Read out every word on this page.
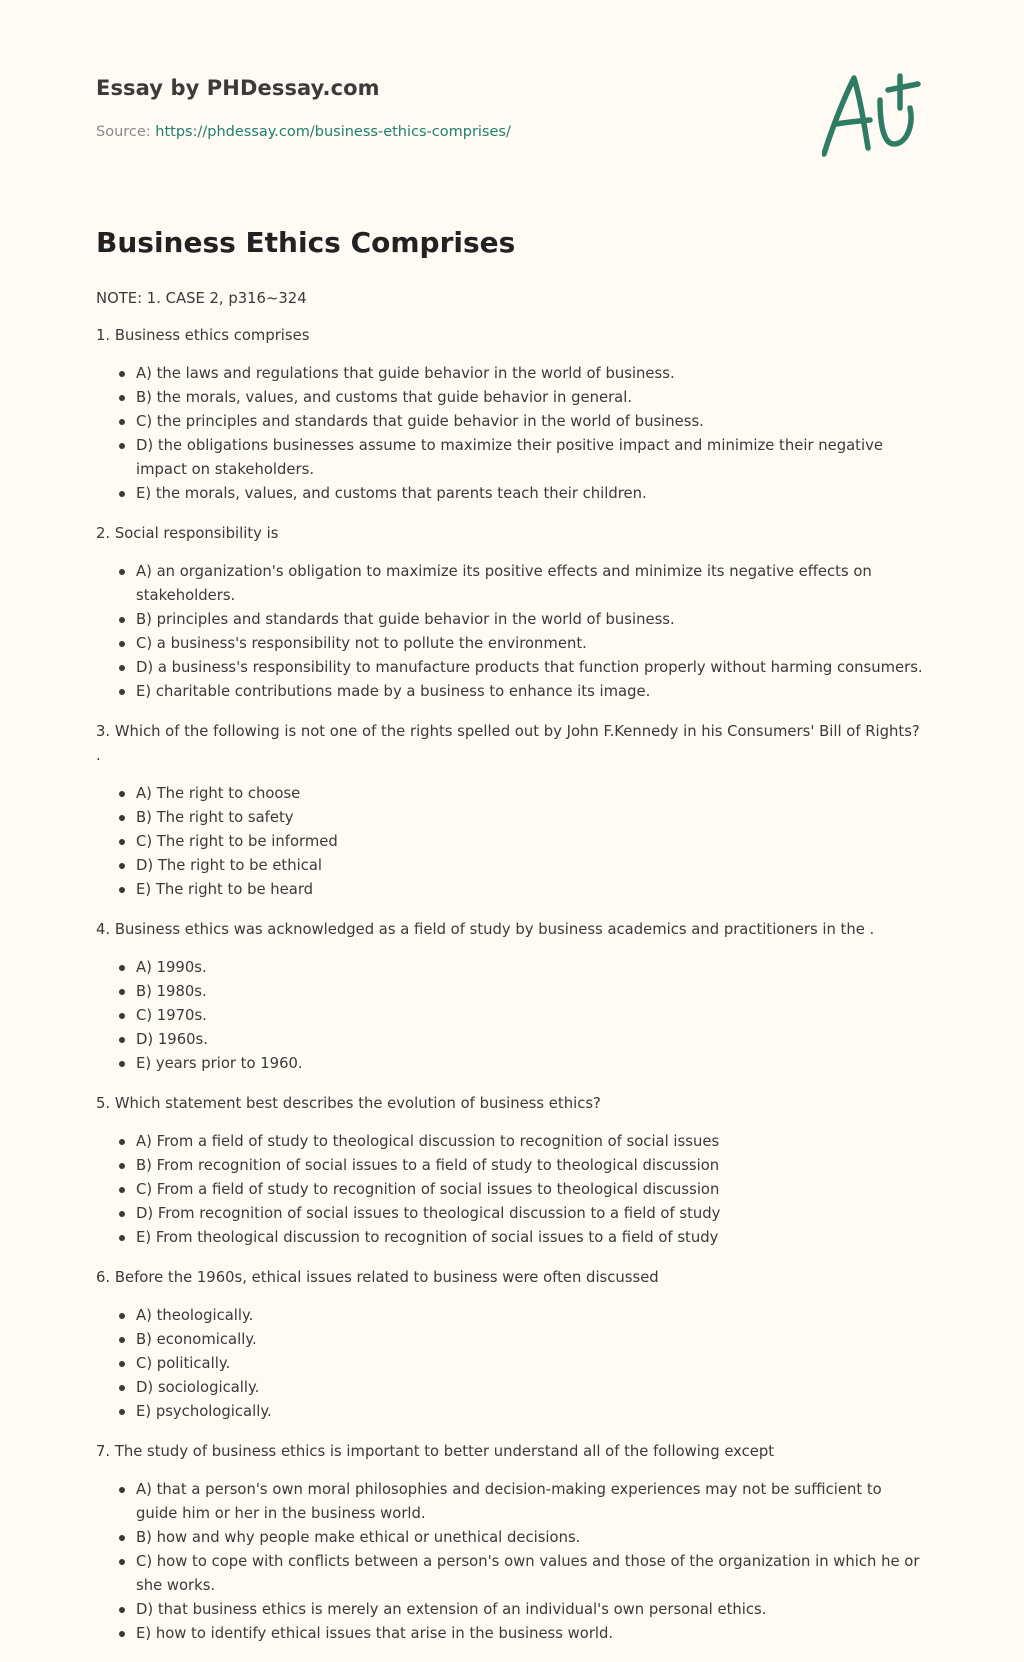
Essay by PHDessay.com
Source: https://phdessay.com/business-ethics-comprises/
Business Ethics Comprises

NOTE: 1. CASE 2, p316~324

1. Business ethics comprises

A) the laws and regulations that guide behavior in the world of business.
B) the morals, values, and customs that guide behavior in general.
C) the principles and standards that guide behavior in the world of business.
D) the obligations businesses assume to maximize their positive impact and minimize their negative impact on stakeholders.
E) the morals, values, and customs that parents teach their children.

2. Social responsibility is

A) an organization's obligation to maximize its positive effects and minimize its negative effects on stakeholders.
B) principles and standards that guide behavior in the world of business.
C) a business's responsibility not to pollute the environment.
D) a business's responsibility to manufacture products that function properly without harming consumers.
E) charitable contributions made by a business to enhance its image.

3. Which of the following is not one of the rights spelled out by John F.Kennedy in his Consumers' Bill of Rights? .

A) The right to choose
B) The right to safety
C) The right to be informed
D) The right to be ethical
E) The right to be heard

4. Business ethics was acknowledged as a field of study by business academics and practitioners in the .

A) 1990s.
B) 1980s.
C) 1970s.
D) 1960s.
E) years prior to 1960.

5. Which statement best describes the evolution of business ethics?

A) From a field of study to theological discussion to recognition of social issues
B) From recognition of social issues to a field of study to theological discussion
C) From a field of study to recognition of social issues to theological discussion
D) From recognition of social issues to theological discussion to a field of study
E) From theological discussion to recognition of social issues to a field of study

6. Before the 1960s, ethical issues related to business were often discussed

A) theologically.
B) economically.
C) politically.
D) sociologically.
E) psychologically.

7. The study of business ethics is important to better understand all of the following except

A) that a person's own moral philosophies and decision-making experiences may not be sufficient to guide him or her in the business world.
B) how and why people make ethical or unethical decisions.
C) how to cope with conflicts between a person's own values and those of the organization in which he or she works.
D) that business ethics is merely an extension of an individual's own personal ethics.
E) how to identify ethical issues that arise in the business world.
